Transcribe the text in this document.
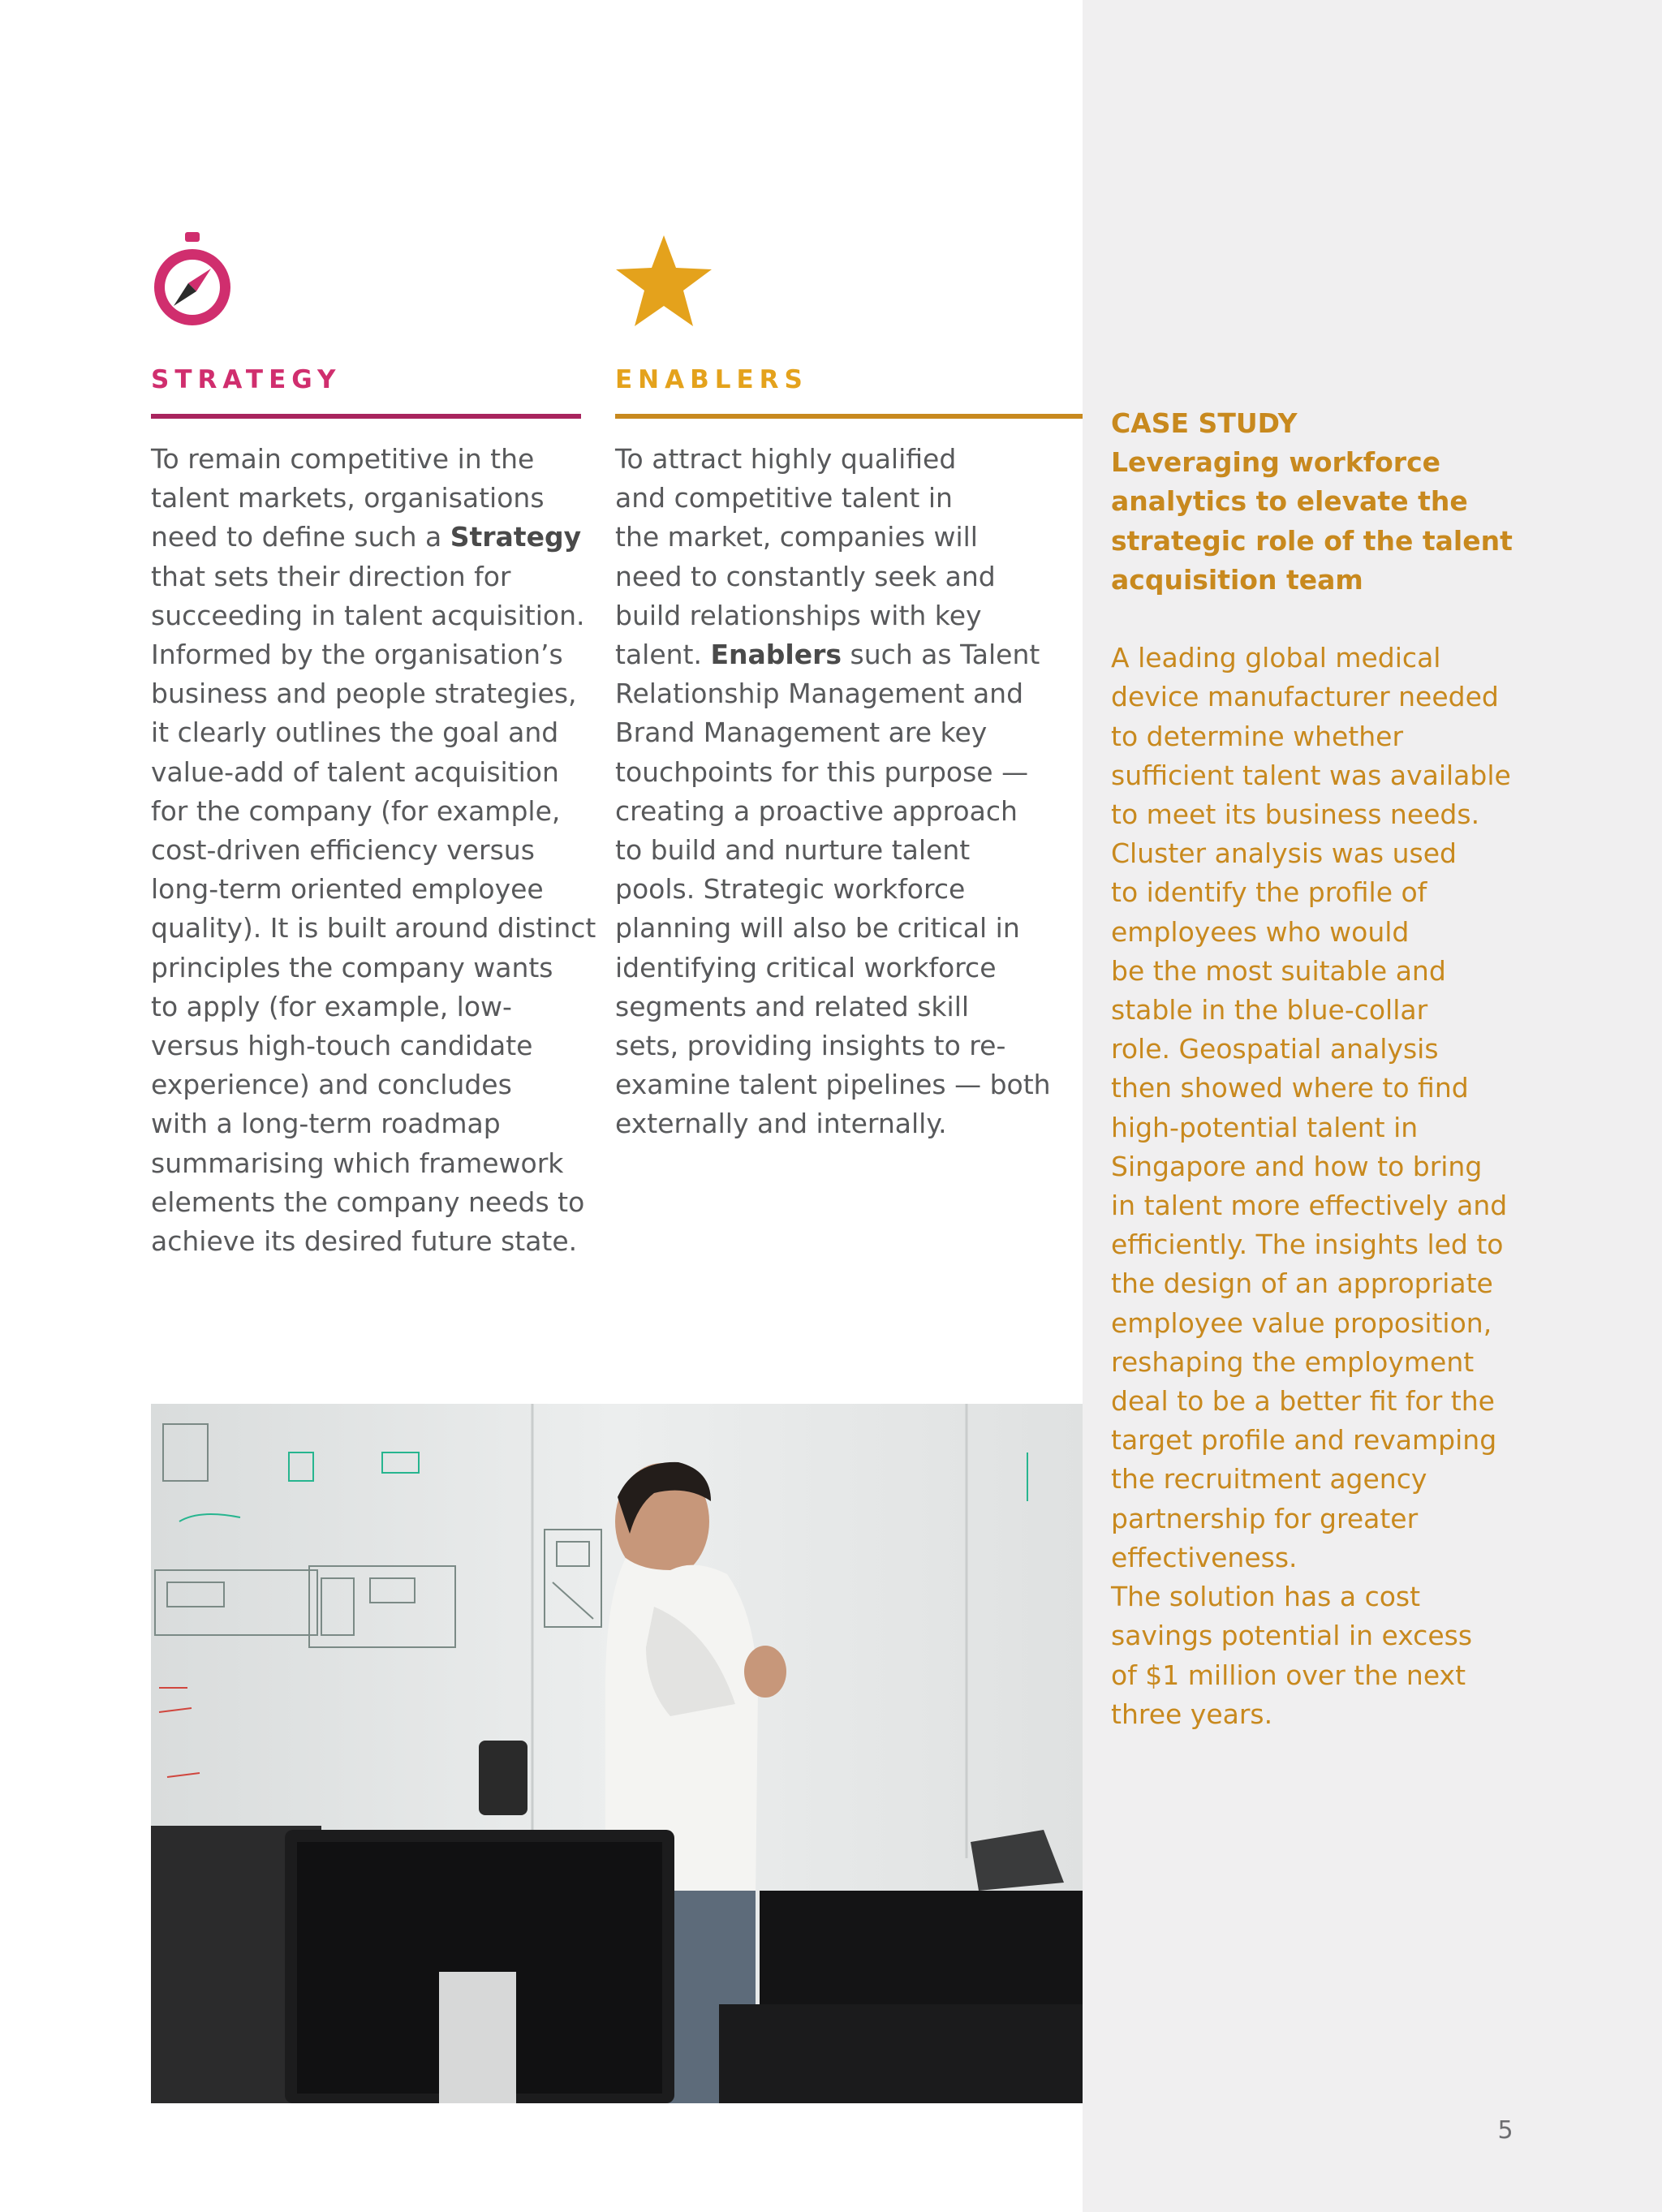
STRATEGY
To remain competitive in the
talent markets, organisations
need to define such a Strategy
that sets their direction for
succeeding in talent acquisition.
Informed by the organisation’s
business and people strategies,
it clearly outlines the goal and
value-add of talent acquisition
for the company (for example,
cost-driven efficiency versus
long-term oriented employee
quality). It is built around distinct
principles the company wants
to apply (for example, low-
versus high-touch candidate
experience) and concludes
with a long-term roadmap
summarising which framework
elements the company needs to
achieve its desired future state.
ENABLERS
To attract highly qualified
and competitive talent in
the market, companies will
need to constantly seek and
build relationships with key
talent. Enablers such as Talent
Relationship Management and
Brand Management are key
touchpoints for this purpose —
creating a proactive approach
to build and nurture talent
pools. Strategic workforce
planning will also be critical in
identifying critical workforce
segments and related skill
sets, providing insights to re-
examine talent pipelines — both
externally and internally.
CASE STUDY
Leveraging workforce
analytics to elevate the
strategic role of the talent
acquisition team

A leading global medical
device manufacturer needed
to determine whether
sufficient talent was available
to meet its business needs.
Cluster analysis was used
to identify the profile of
employees who would
be the most suitable and
stable in the blue-collar
role. Geospatial analysis
then showed where to find
high-potential talent in
Singapore and how to bring
in talent more effectively and
efficiently. The insights led to
the design of an appropriate
employee value proposition,
reshaping the employment
deal to be a better fit for the
target profile and revamping
the recruitment agency
partnership for greater
effectiveness.
The solution has a cost
savings potential in excess
of $1 million over the next
three years.
5
